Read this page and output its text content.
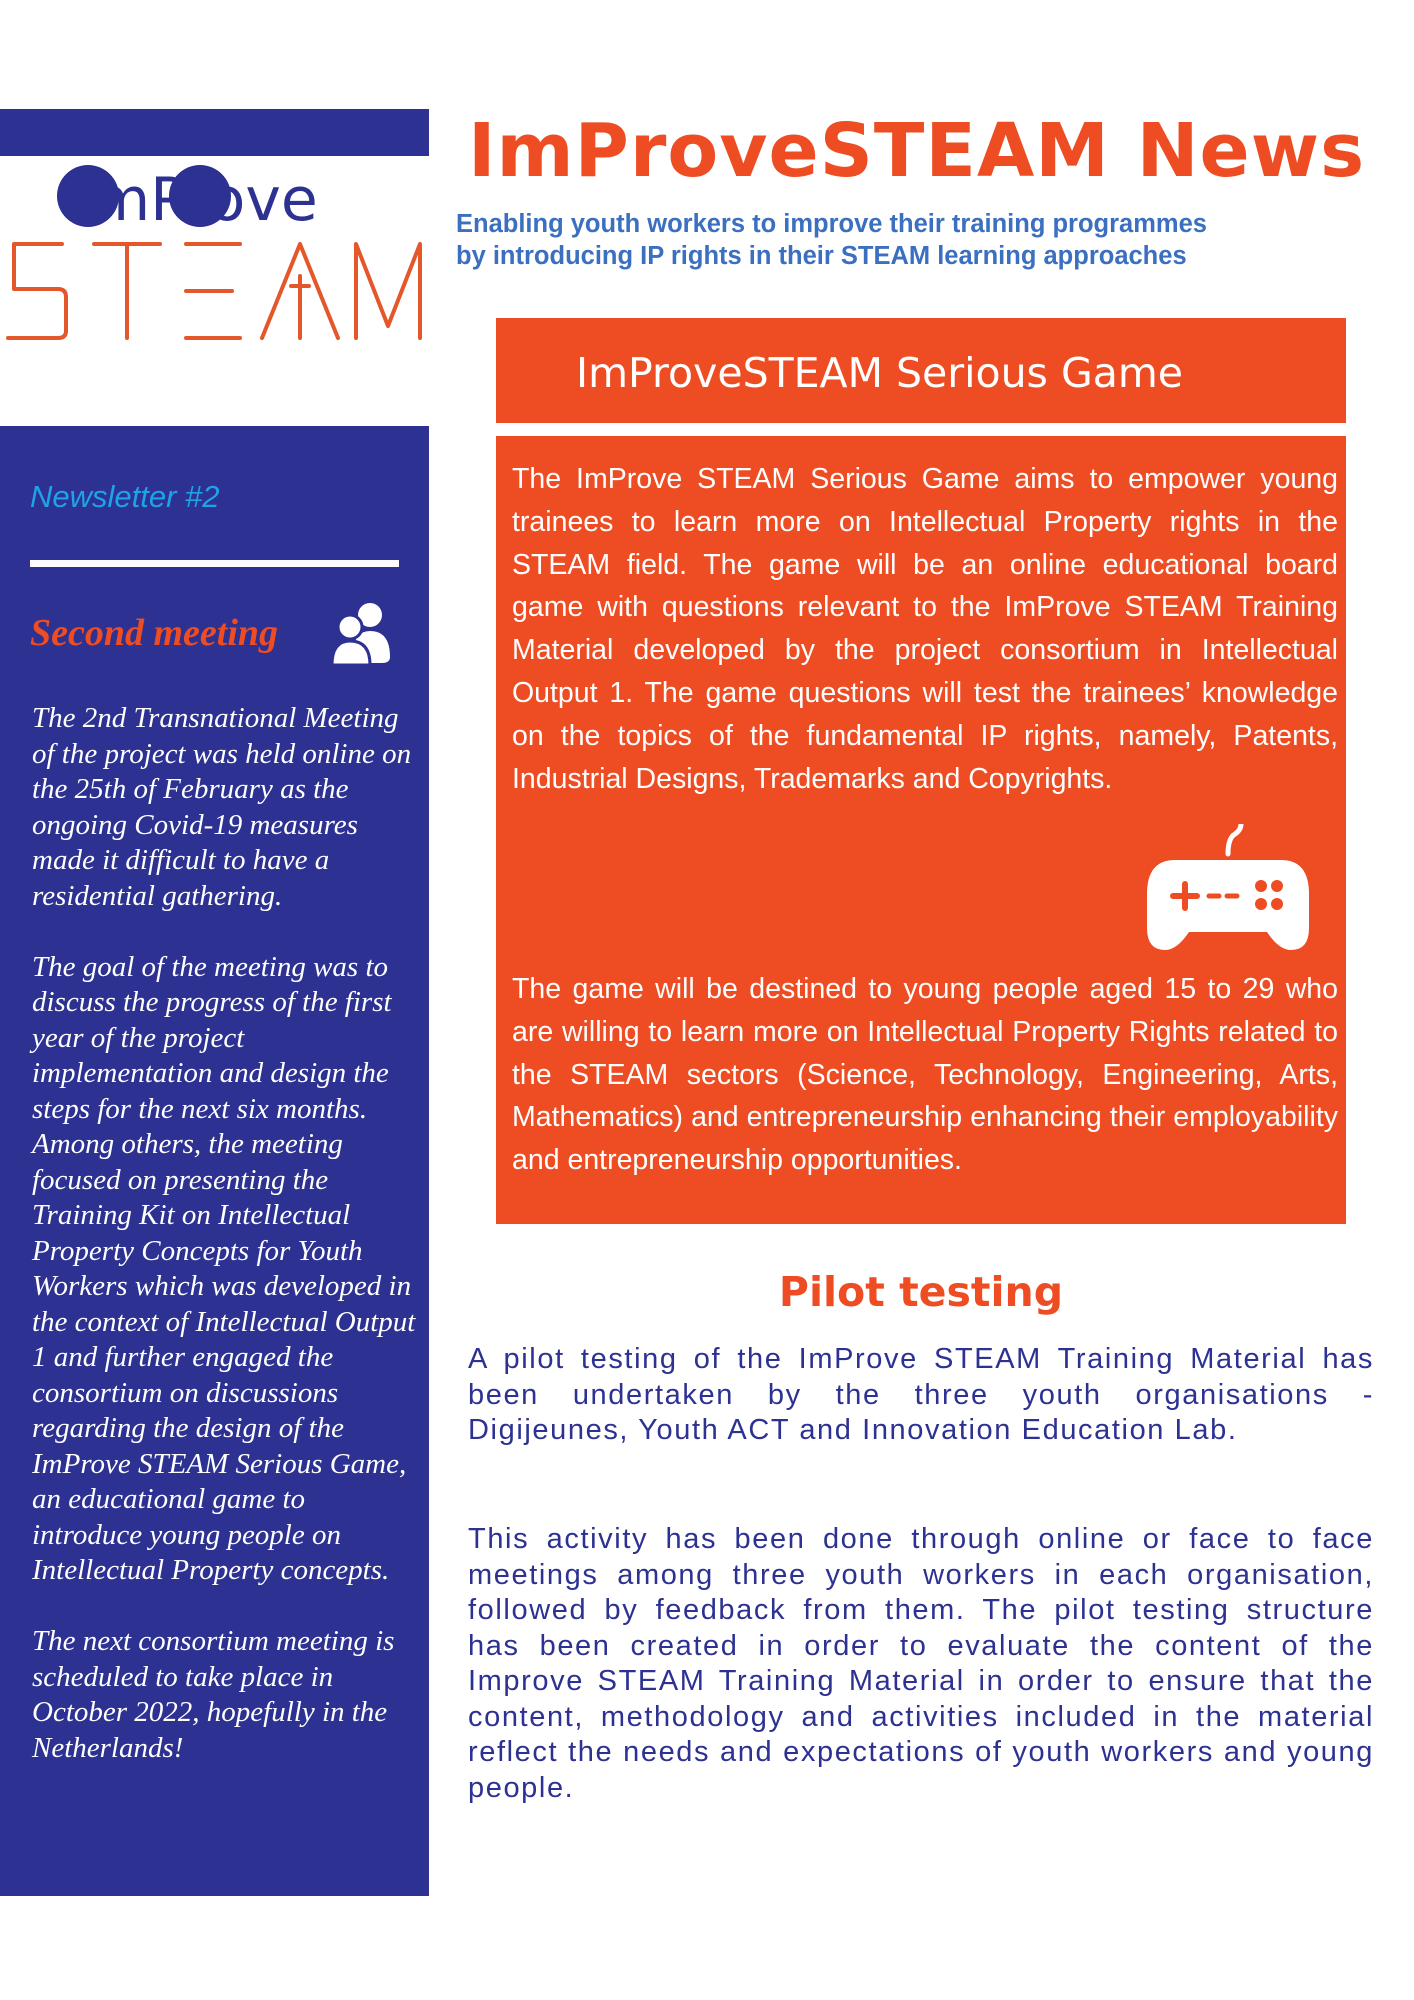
ImProve
Newsletter #2
Second meeting

The 2nd Transnational Meeting of the project was held online on the 25th of February as the ongoing Covid-19 measures made it difficult to have a residential gathering.

The goal of the meeting was to discuss the progress of the first year of the project implementation and design the steps for the next six months. Among others, the meeting focused on presenting the Training Kit on Intellectual Property Concepts for Youth Workers which was developed in the context of Intellectual Output 1 and further engaged the consortium on discussions regarding the design of the ImProve STEAM Serious Game, an educational game to introduce young people on Intellectual Property concepts.

The next consortium meeting is scheduled to take place in October 2022, hopefully in the Netherlands!

ImProveSTEAM News
Enabling youth workers to improve their training programmes
by introducing IP rights in their STEAM learning approaches
ImProveSTEAM Serious Game
The ImProve STEAM Serious Game aims to empower young trainees to learn more on Intellectual Property rights in the STEAM field. The game will be an online educational board game with questions relevant to the ImProve STEAM Training Material developed by the project consortium in Intellectual Output 1. The game questions will test the trainees’ knowledge on the topics of the fundamental IP rights, namely, Patents, Industrial Designs, Trademarks and Copyrights.
The game will be destined to young people aged 15 to 29 who are willing to learn more on Intellectual Property Rights related to the STEAM sectors (Science, Technology, Engineering, Arts, Mathematics) and entrepreneurship enhancing their employability and entrepreneurship opportunities.
Pilot testing
A pilot testing of the ImProve STEAM Training Material has been undertaken by the three youth organisations - Digijeunes, Youth ACT and Innovation Education Lab.
This activity has been done through online or face to face meetings among three youth workers in each organisation, followed by feedback from them. The pilot testing structure has been created in order to evaluate the content of the Improve STEAM Training Material in order to ensure that the content, methodology and activities included in the material reflect the needs and expectations of youth workers and young people.
